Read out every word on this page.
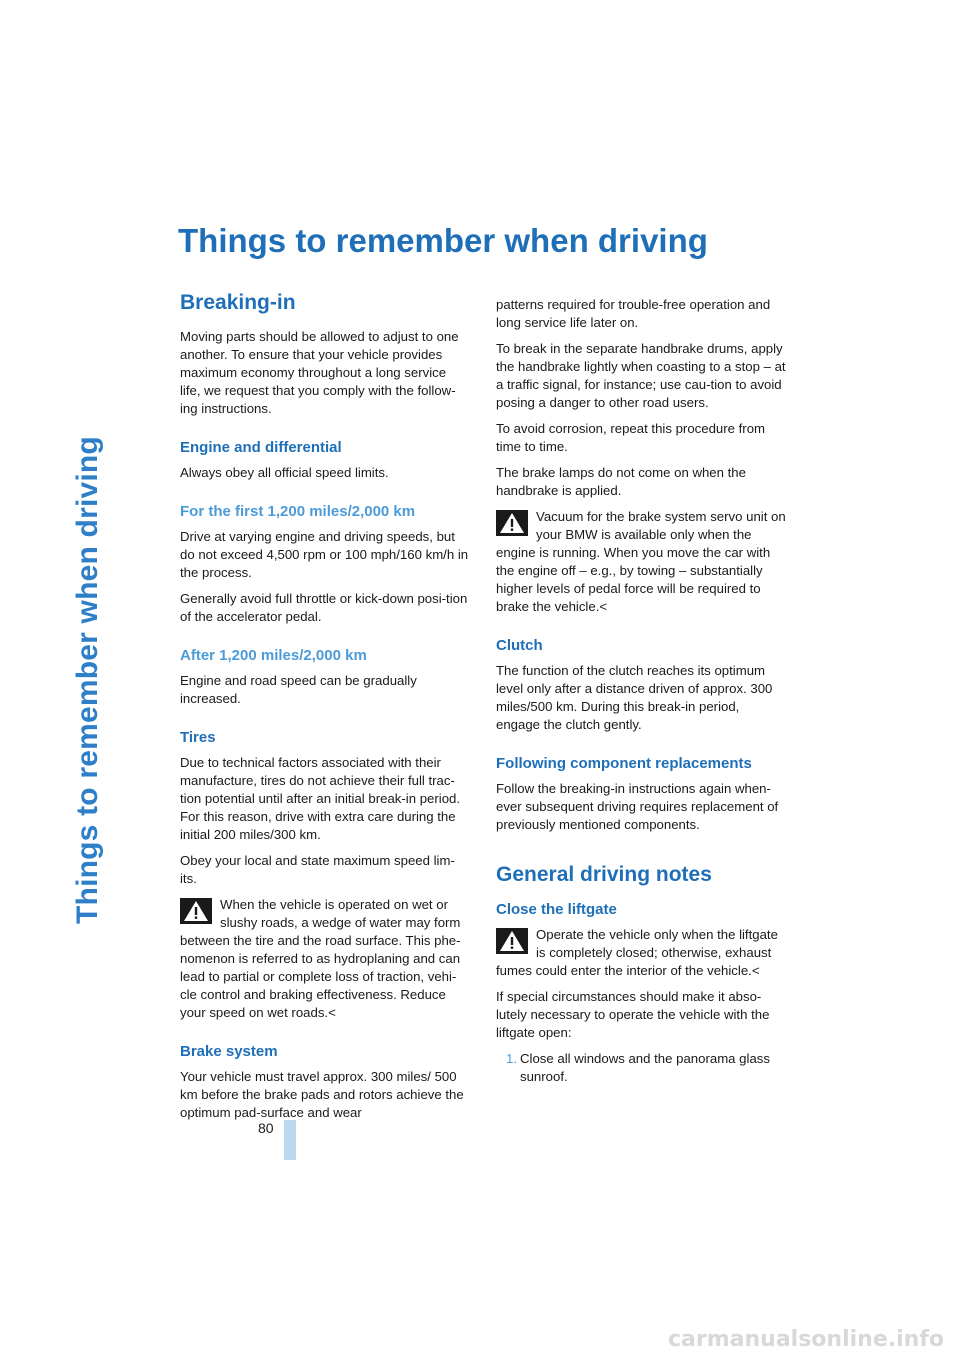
Things to remember when driving
Things to remember when driving
Breaking-in

Moving parts should be allowed to adjust to one another. To ensure that your vehicle provides maximum economy throughout a long service life, we request that you comply with the follow-ing instructions.

Engine and differential

Always obey all official speed limits.

For the first 1,200 miles/2,000 km

Drive at varying engine and driving speeds, but do not exceed 4,500 rpm or 100 mph/160 km/h in the process.

Generally avoid full throttle or kick-down posi-tion of the accelerator pedal.

After 1,200 miles/2,000 km

Engine and road speed can be gradually increased.

Tires

Due to technical factors associated with their manufacture, tires do not achieve their full trac-tion potential until after an initial break-in period. For this reason, drive with extra care during the initial 200 miles/300 km.

Obey your local and state maximum speed lim-its.

When the vehicle is operated on wet or slushy roads, a wedge of water may form between the tire and the road surface. This phe-nomenon is referred to as hydroplaning and can lead to partial or complete loss of traction, vehi-cle control and braking effectiveness. Reduce your speed on wet roads.<

Brake system

Your vehicle must travel approx. 300 miles/ 500 km before the brake pads and rotors achieve the optimum pad-surface and wear

patterns required for trouble-free operation and long service life later on.

To break in the separate handbrake drums, apply the handbrake lightly when coasting to a stop – at a traffic signal, for instance; use cau-tion to avoid posing a danger to other road users.

To avoid corrosion, repeat this procedure from time to time.

The brake lamps do not come on when the handbrake is applied.

Vacuum for the brake system servo unit on your BMW is available only when the engine is running. When you move the car with the engine off – e.g., by towing – substantially higher levels of pedal force will be required to brake the vehicle.<

Clutch

The function of the clutch reaches its optimum level only after a distance driven of approx. 300 miles/500 km. During this break-in period, engage the clutch gently.

Following component replacements

Follow the breaking-in instructions again when-ever subsequent driving requires replacement of previously mentioned components.

General driving notes
Close the liftgate

Operate the vehicle only when the liftgate is completely closed; otherwise, exhaust fumes could enter the interior of the vehicle.<

If special circumstances should make it abso-lutely necessary to operate the vehicle with the liftgate open:

1. Close all windows and the panorama glass sunroof.
80
carmanualsonline.info
